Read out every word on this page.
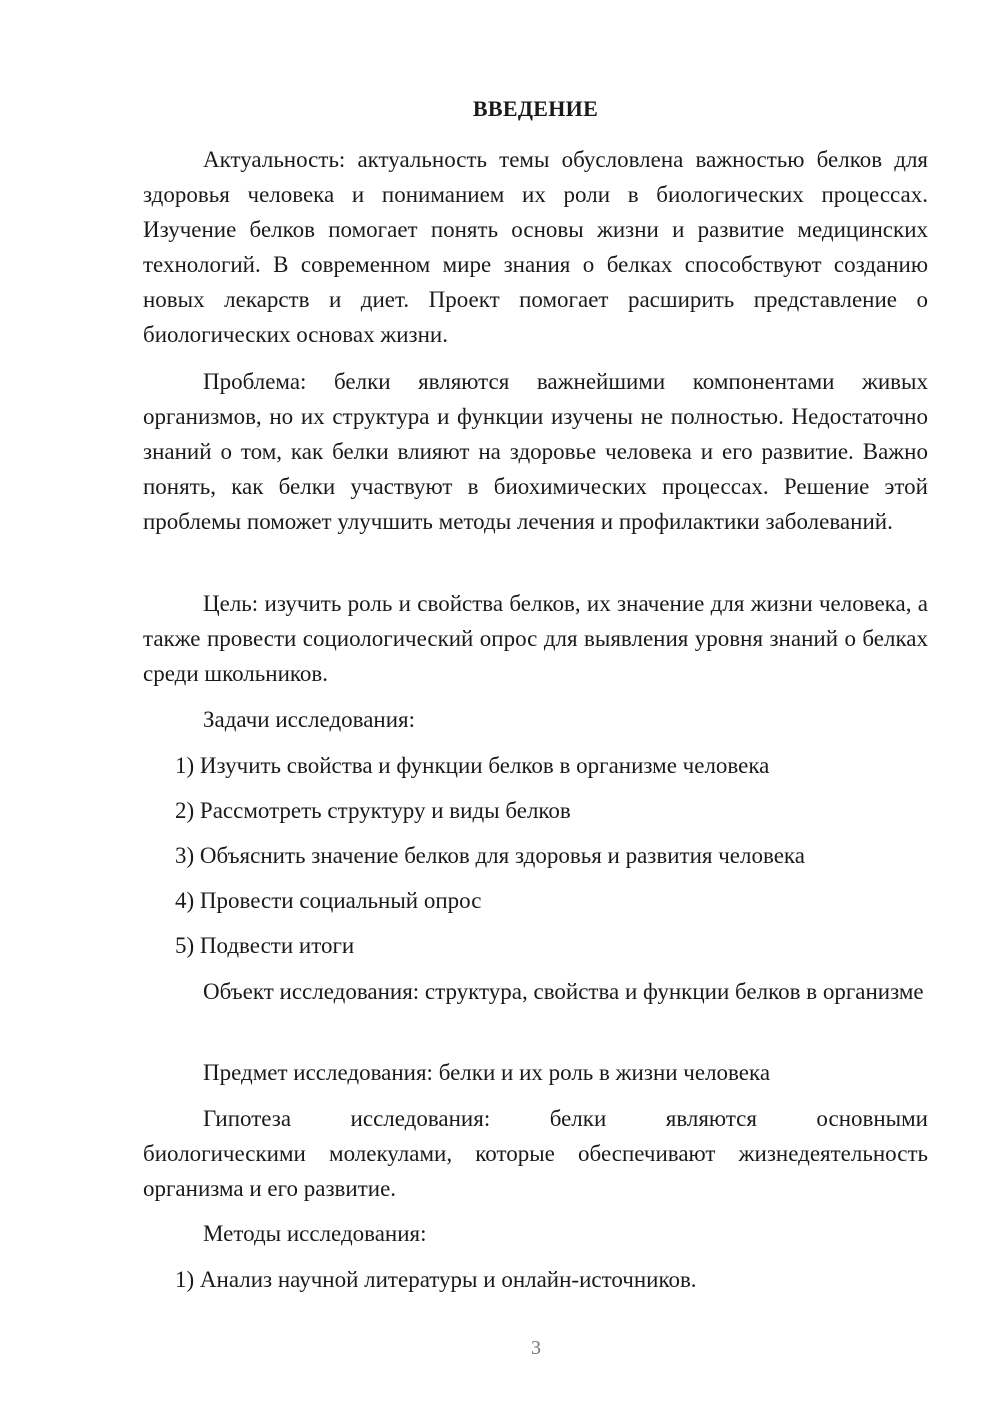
ВВЕДЕНИЕ

Актуальность: актуальность темы обусловлена важностью белков для здоровья человека и пониманием их роли в биологических процессах. Изучение белков помогает понять основы жизни и развитие медицинских технологий. В современном мире знания о белках способствуют созданию новых лекарств и диет. Проект помогает расширить представление о биологических основах жизни.

Проблема: белки являются важнейшими компонентами живых организмов, но их структура и функции изучены не полностью. Недостаточно знаний о том, как белки влияют на здоровье человека и его развитие. Важно понять, как белки участвуют в биохимических процессах. Решение этой проблемы поможет улучшить методы лечения и профилактики заболеваний.

Цель: изучить роль и свойства белков, их значение для жизни человека, а также провести социологический опрос для выявления уровня знаний о белках среди школьников.

Задачи исследования:

1) Изучить свойства и функции белков в организме человека

2) Рассмотреть структуру и виды белков

3) Объяснить значение белков для здоровья и развития человека

4) Провести социальный опрос

5) Подвести итоги

Объект исследования: структура, свойства и функции белков в организме

Предмет исследования: белки и их роль в жизни человека

Гипотеза исследования: белки являются основными

биологическими молекулами, которые обеспечивают жизнедеятельность организма и его развитие.

Методы исследования:

1) Анализ научной литературы и онлайн-источников.

3
